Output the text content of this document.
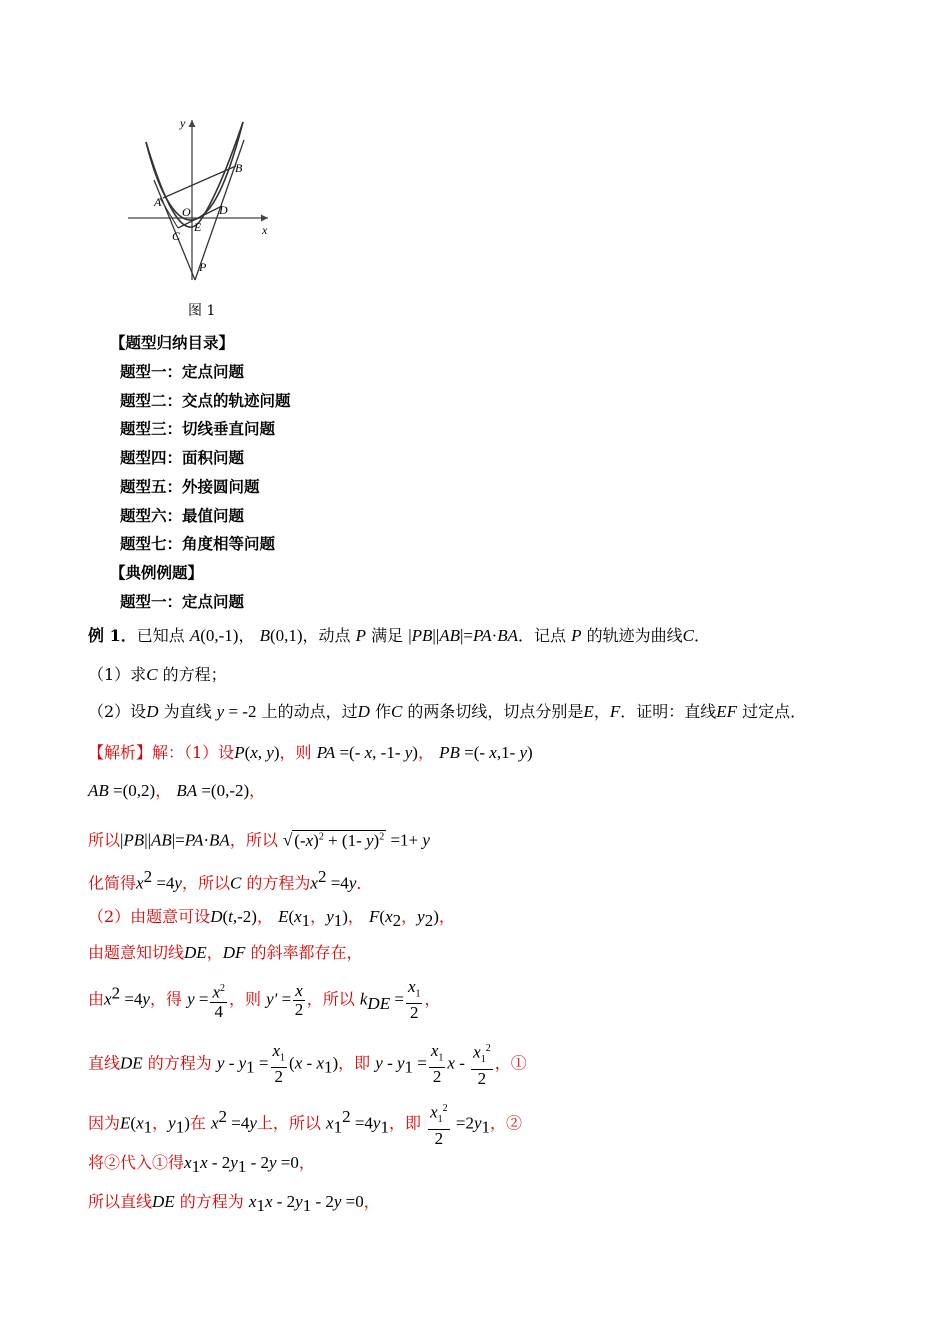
y
x
B
A
O D
C
E
P
图 1
【题型归纳目录】
题型一：定点问题
题型二：交点的轨迹问题
题型三：切线垂直问题
题型四：面积问题
题型五：外接圆问题
题型六：最值问题
题型七：角度相等问题
【典例例题】
题型一：定点问题
例 1．已知点 A(0,-1)， B(0,1)，动点 P 满足 |PB||AB|=PA·BA．记点 P 的轨迹为曲线C．
（1）求C 的方程；
（2）设D 为直线 y = -2 上的动点，过D 作C 的两条切线，切点分别是E，F．证明：直线EF 过定点．
【解析】解：（1）设P(x, y)，则 PA =(- x, -1- y)， PB =(- x,1- y)
AB =(0,2)， BA =(0,-2)，
所以|PB||AB|=PA·BA，所以 √ $(-x)^2 + (1-$ y)$^2$ =1+ y
化简得$x^2 =4y$，所以C 的方程为$x^2 =4y$．
（2）由题意可设D(t,-2)， $E(x_1$，$y_1$)， $F(x_2$，$y_2$)，
由题意知切线DE，DF 的斜率都存在，
由$x^2 =4y$，得 $y = \frac{x^2}{4}$ ，则 $y' = \frac{x}{2}$ ，所以 $k_{DE} = \frac{x_1}{2}$ ，
直线DE 的方程为 $y - y_1 = \frac{x_1}{2} (x - x_1)$，即 $y - y_1 = \frac{x_1}{2}$ x - $\frac{x_1^2}{2}$ ，①
因为$E(x_1$，$y_1$)在 $x^2 =4y$上，所以 $x_1^2 =4y_1$，即 $\frac{x_1^2}{2} =2y_1$，②
将②代入①得$x_1x - 2y_1 - 2y =0$，
所以直线DE 的方程为 $x_1x - 2y_1 - 2y =0$，
